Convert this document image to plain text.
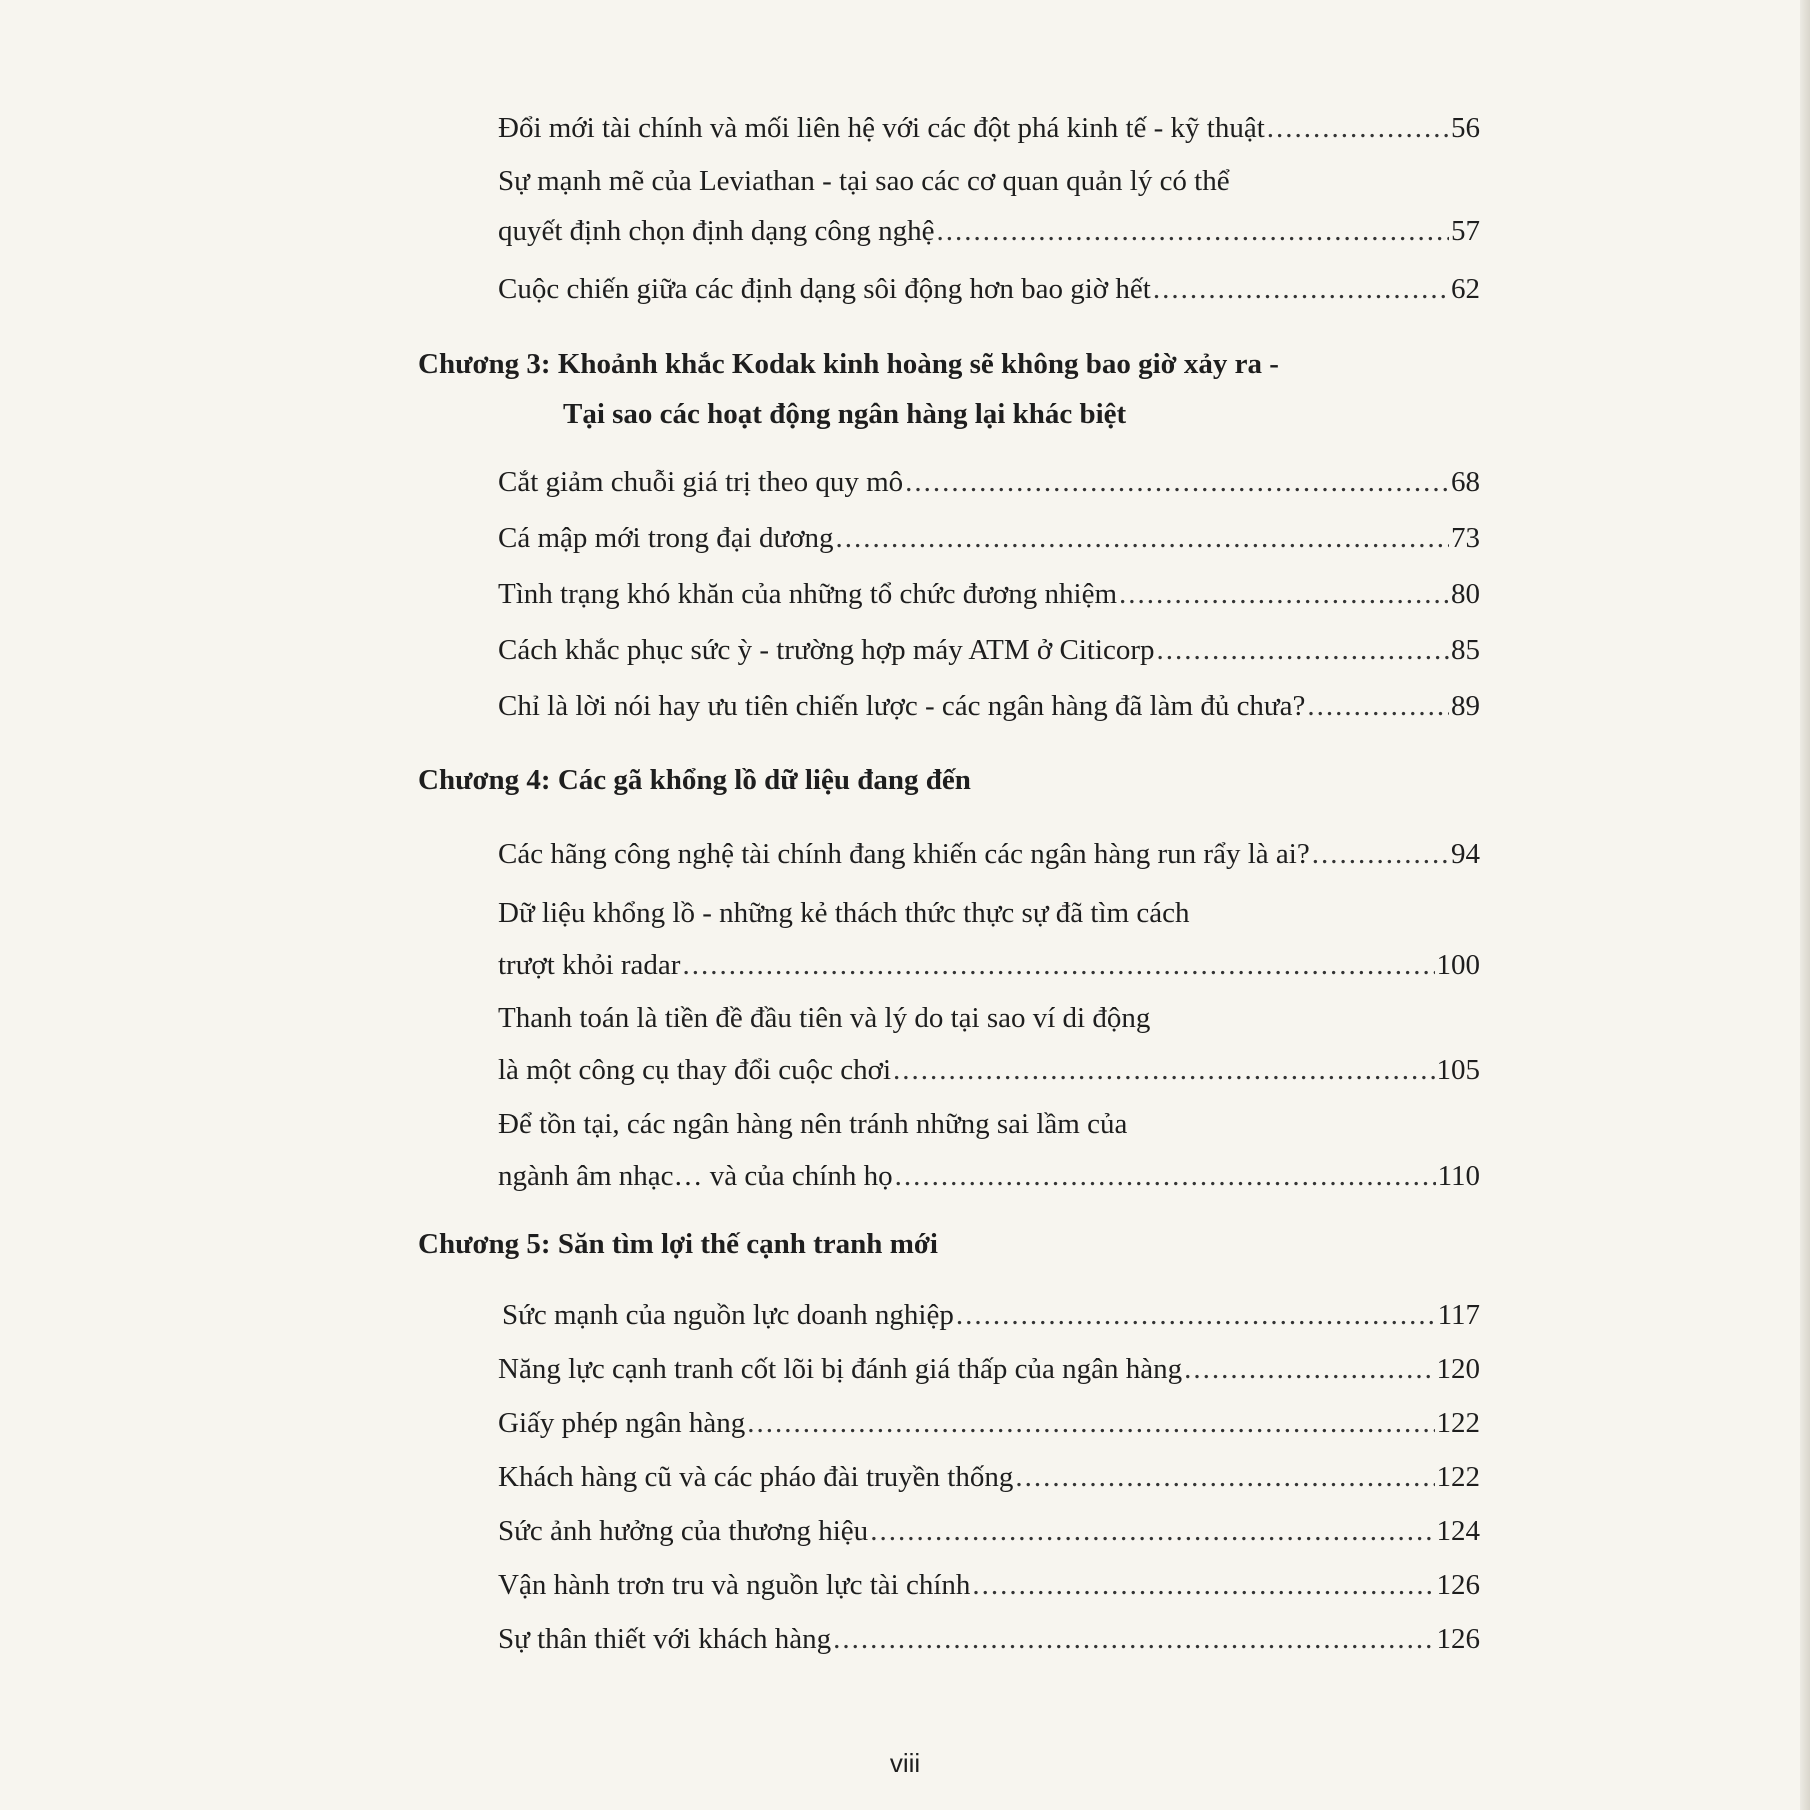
Đổi mới tài chính và mối liên hệ với các đột phá kinh tế - kỹ thuật .....	56
Sự mạnh mẽ của Leviathan - tại sao các cơ quan quản lý có thể
quyết định chọn định dạng công nghệ .....	57
Cuộc chiến giữa các định dạng sôi động hơn bao giờ hết .....	62
Chương 3: Khoảnh khắc Kodak kinh hoàng sẽ không bao giờ xảy ra -
Tại sao các hoạt động ngân hàng lại khác biệt
Cắt giảm chuỗi giá trị theo quy mô .....	68
Cá mập mới trong đại dương .....	73
Tình trạng khó khăn của những tổ chức đương nhiệm .....	80
Cách khắc phục sức ỳ - trường hợp máy ATM ở Citicorp .....	85
Chỉ là lời nói hay ưu tiên chiến lược - các ngân hàng đã làm đủ chưa? .....	89
Chương 4: Các gã khổng lồ dữ liệu đang đến
Các hãng công nghệ tài chính đang khiến các ngân hàng run rẩy là ai? .....	94
Dữ liệu khổng lồ - những kẻ thách thức thực sự đã tìm cách
trượt khỏi radar .....	100
Thanh toán là tiền đề đầu tiên và lý do tại sao ví di động
là một công cụ thay đổi cuộc chơi .....	105
Để tồn tại, các ngân hàng nên tránh những sai lầm của
ngành âm nhạc… và của chính họ .....	110
Chương 5: Săn tìm lợi thế cạnh tranh mới
Sức mạnh của nguồn lực doanh nghiệp .....	117
Năng lực cạnh tranh cốt lõi bị đánh giá thấp của ngân hàng .....	120
Giấy phép ngân hàng .....	122
Khách hàng cũ và các pháo đài truyền thống .....	122
Sức ảnh hưởng của thương hiệu .....	124
Vận hành trơn tru và nguồn lực tài chính .....	126
Sự thân thiết với khách hàng .....	126
viii
